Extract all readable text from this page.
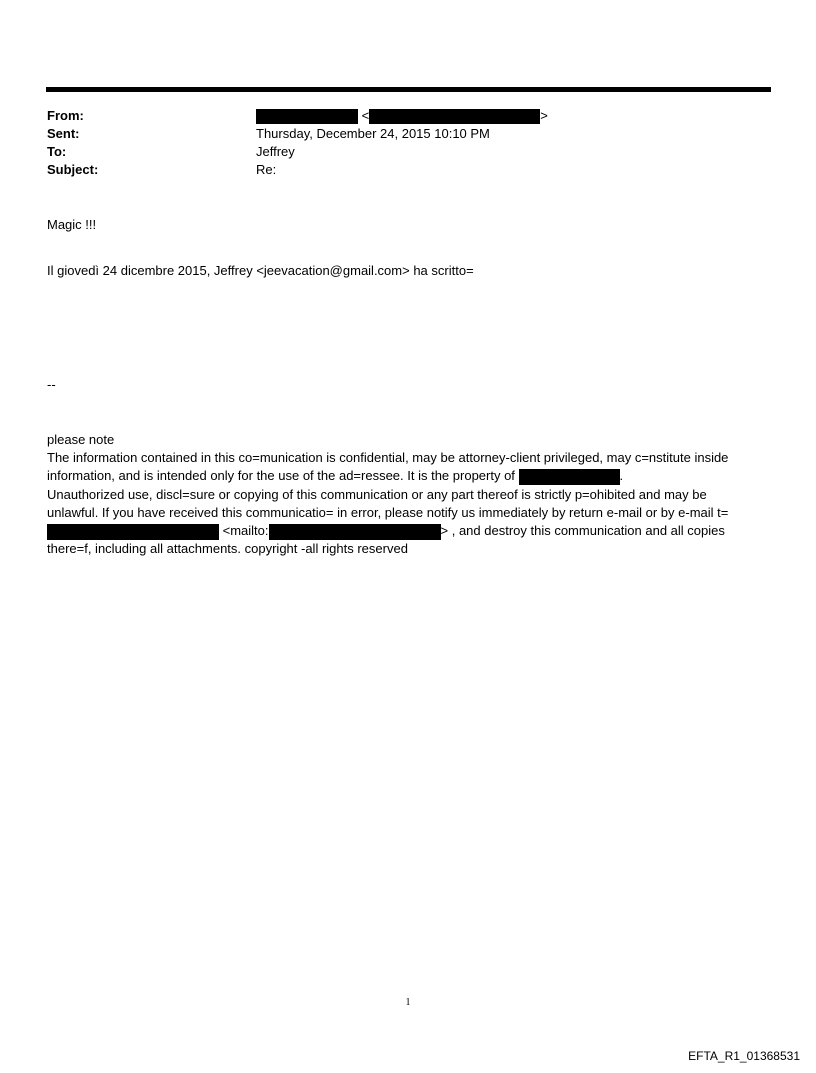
From:	<	>
Sent:	Thursday, December 24, 2015 10:10 PM
To:	Jeffrey
Subject:	Re:
Magic !!!
Il giovedì 24 dicembre 2015, Jeffrey <jeevacation@gmail.com> ha scritto=
--
please note
The information contained in this co=munication is confidential, may be attorney-client privileged, may c=nstitute inside
information, and is intended only for the use of the ad=ressee. It is the property of	.
Unauthorized use, discl=sure or copying of this communication or any part thereof is strictly p=ohibited and may be
unlawful. If you have received this communicatio= in error, please notify us immediately by return e-mail or by e-mail t=
<mailto:	> , and destroy this communication and all copies
there=f, including all attachments. copyright -all rights reserved
1
EFTA_R1_01368531
